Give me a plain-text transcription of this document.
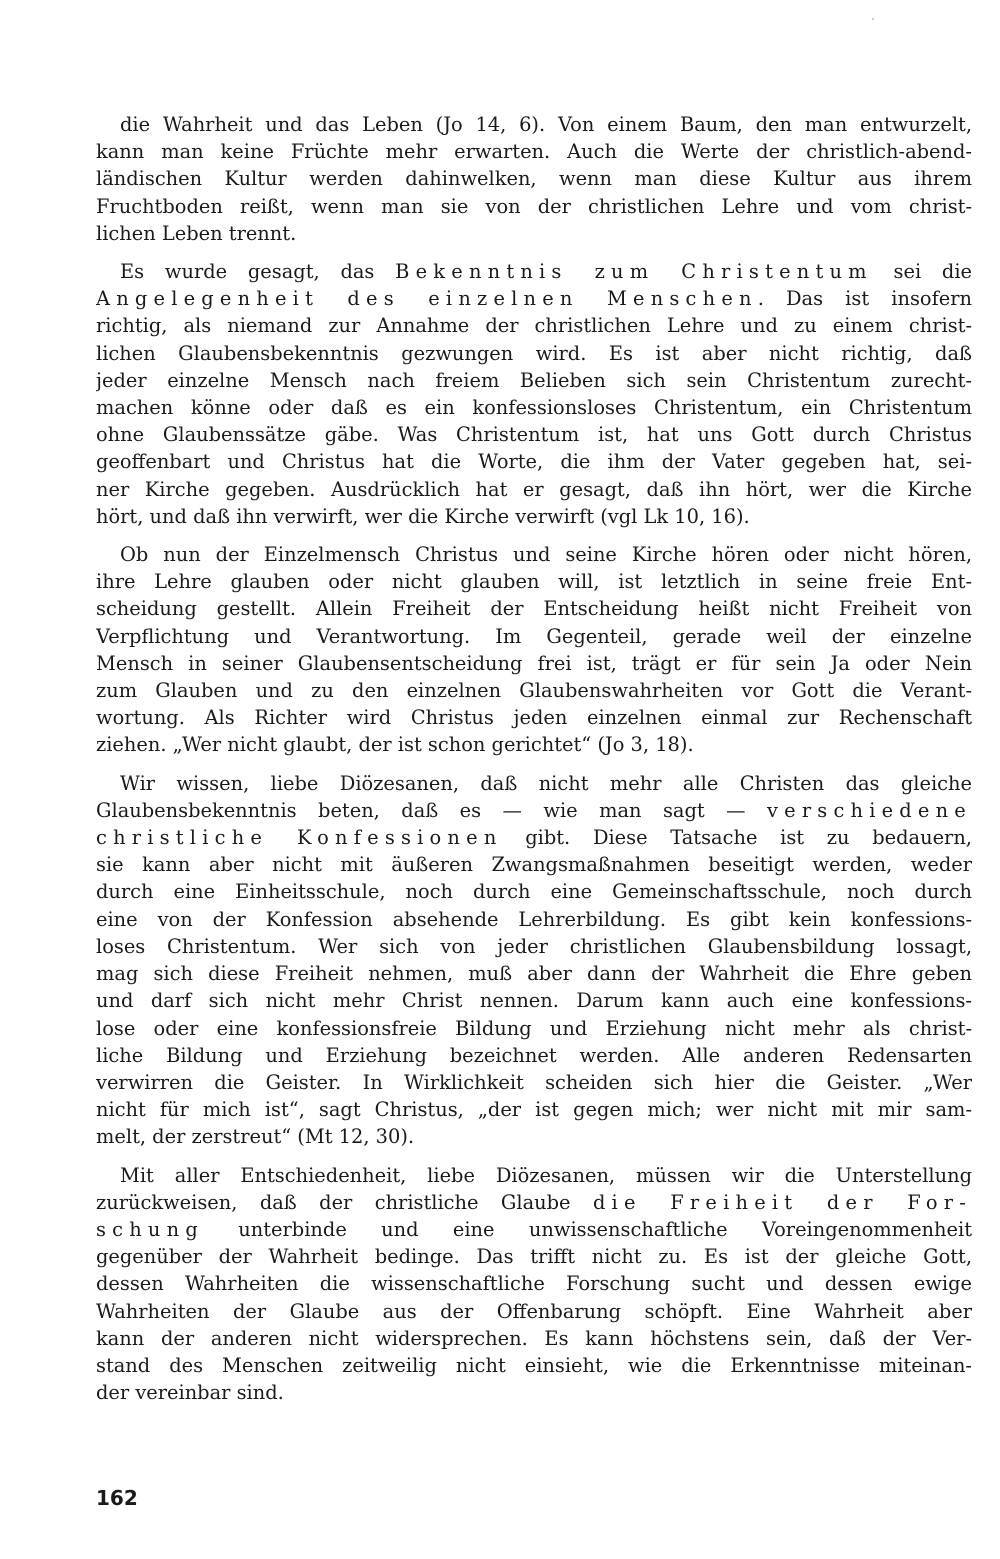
die Wahrheit und das Leben (Jo 14, 6). Von einem Baum, den man entwurzelt,
kann man keine Früchte mehr erwarten. Auch die Werte der christlich-abend-
ländischen Kultur werden dahinwelken, wenn man diese Kultur aus ihrem
Fruchtboden reißt, wenn man sie von der christlichen Lehre und vom christ-
lichen Leben trennt.

Es wurde gesagt, das Bekenntnis zum Christentum sei die
Angelegenheit des einzelnen Menschen. Das ist insofern
richtig, als niemand zur Annahme der christlichen Lehre und zu einem christ-
lichen Glaubensbekenntnis gezwungen wird. Es ist aber nicht richtig, daß
jeder einzelne Mensch nach freiem Belieben sich sein Christentum zurecht-
machen könne oder daß es ein konfessionsloses Christentum, ein Christentum
ohne Glaubenssätze gäbe. Was Christentum ist, hat uns Gott durch Christus
geoffenbart und Christus hat die Worte, die ihm der Vater gegeben hat, sei-
ner Kirche gegeben. Ausdrücklich hat er gesagt, daß ihn hört, wer die Kirche
hört, und daß ihn verwirft, wer die Kirche verwirft (vgl Lk 10, 16).

Ob nun der Einzelmensch Christus und seine Kirche hören oder nicht hören,
ihre Lehre glauben oder nicht glauben will, ist letztlich in seine freie Ent-
scheidung gestellt. Allein Freiheit der Entscheidung heißt nicht Freiheit von
Verpflichtung und Verantwortung. Im Gegenteil, gerade weil der einzelne
Mensch in seiner Glaubensentscheidung frei ist, trägt er für sein Ja oder Nein
zum Glauben und zu den einzelnen Glaubenswahrheiten vor Gott die Verant-
wortung. Als Richter wird Christus jeden einzelnen einmal zur Rechenschaft
ziehen. „Wer nicht glaubt, der ist schon gerichtet“ (Jo 3, 18).

Wir wissen, liebe Diözesanen, daß nicht mehr alle Christen das gleiche
Glaubensbekenntnis beten, daß es — wie man sagt — verschiedene
christliche Konfessionen gibt. Diese Tatsache ist zu bedauern,
sie kann aber nicht mit äußeren Zwangsmaßnahmen beseitigt werden, weder
durch eine Einheitsschule, noch durch eine Gemeinschaftsschule, noch durch
eine von der Konfession absehende Lehrerbildung. Es gibt kein konfessions-
loses Christentum. Wer sich von jeder christlichen Glaubensbildung lossagt,
mag sich diese Freiheit nehmen, muß aber dann der Wahrheit die Ehre geben
und darf sich nicht mehr Christ nennen. Darum kann auch eine konfessions-
lose oder eine konfessionsfreie Bildung und Erziehung nicht mehr als christ-
liche Bildung und Erziehung bezeichnet werden. Alle anderen Redensarten
verwirren die Geister. In Wirklichkeit scheiden sich hier die Geister. „Wer
nicht für mich ist“, sagt Christus, „der ist gegen mich; wer nicht mit mir sam-
melt, der zerstreut“ (Mt 12, 30).

Mit aller Entschiedenheit, liebe Diözesanen, müssen wir die Unterstellung
zurückweisen, daß der christliche Glaube die Freiheit der For-
schung unterbinde und eine unwissenschaftliche Voreingenommenheit
gegenüber der Wahrheit bedinge. Das trifft nicht zu. Es ist der gleiche Gott,
dessen Wahrheiten die wissenschaftliche Forschung sucht und dessen ewige
Wahrheiten der Glaube aus der Offenbarung schöpft. Eine Wahrheit aber
kann der anderen nicht widersprechen. Es kann höchstens sein, daß der Ver-
stand des Menschen zeitweilig nicht einsieht, wie die Erkenntnisse miteinan-
der vereinbar sind.

162
